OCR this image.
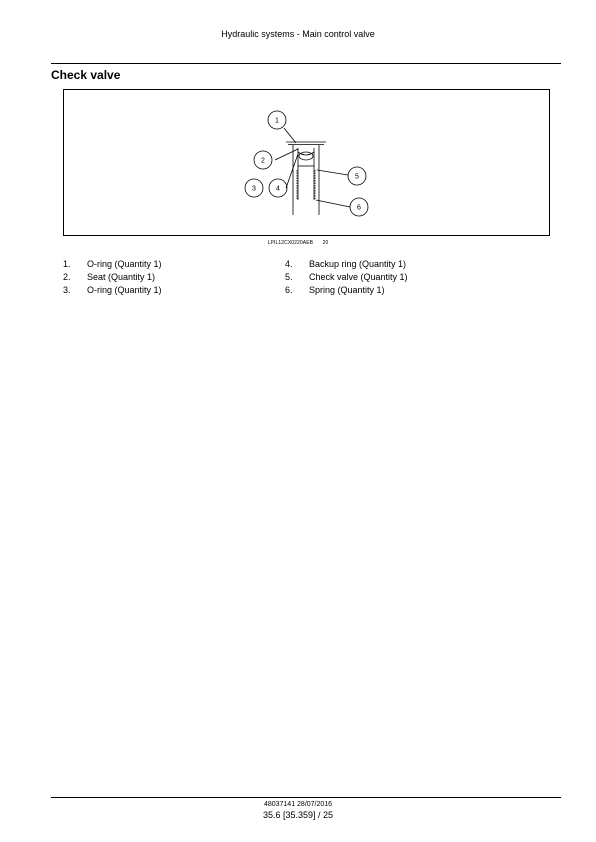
Hydraulic systems - Main control valve
Check valve
1
2
3	4
5
6
LPIL12CX0220AEB 20
1. O-ring (Quantity 1)
2. Seat (Quantity 1)
3. O-ring (Quantity 1)
4. Backup ring (Quantity 1)
5. Check valve (Quantity 1)
6. Spring (Quantity 1)
48037141 28/07/2016
35.6 [35.359] / 25
